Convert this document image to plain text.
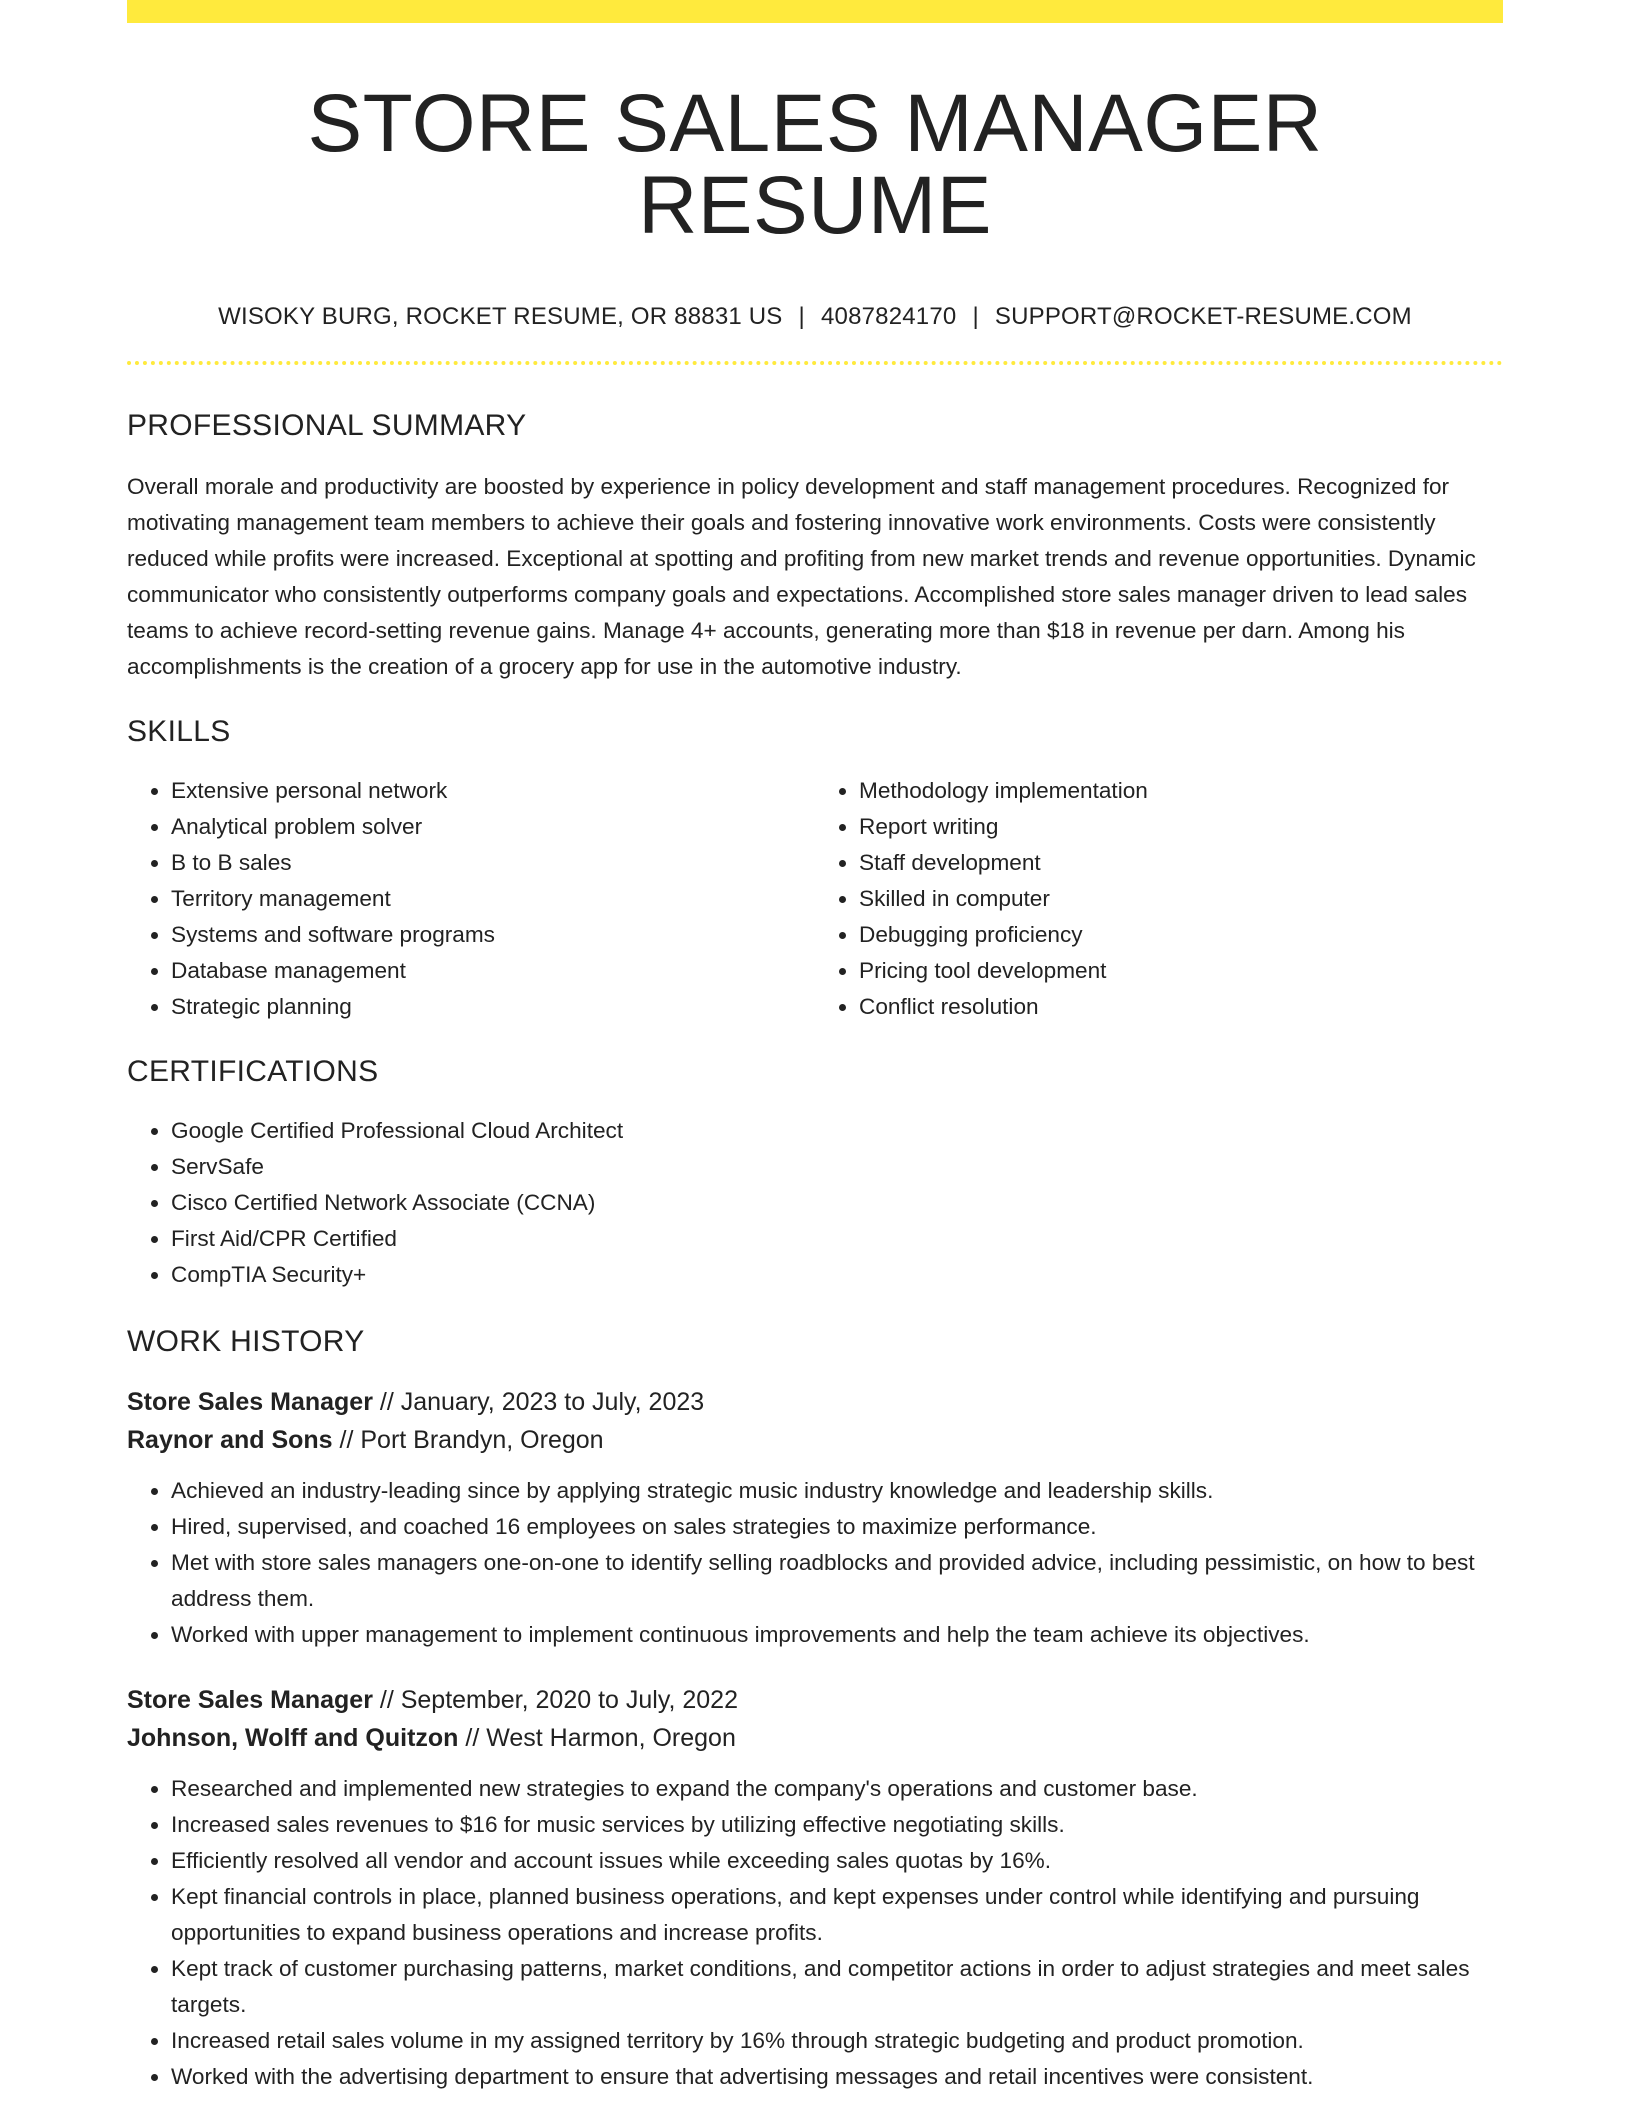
STORE SALES MANAGER RESUME
WISOKY BURG, ROCKET RESUME, OR 88831 US | 4087824170 | SUPPORT@ROCKET-RESUME.COM
PROFESSIONAL SUMMARY

Overall morale and productivity are boosted by experience in policy development and staff management procedures. Recognized for motivating management team members to achieve their goals and fostering innovative work environments. Costs were consistently reduced while profits were increased. Exceptional at spotting and profiting from new market trends and revenue opportunities. Dynamic communicator who consistently outperforms company goals and expectations. Accomplished store sales manager driven to lead sales teams to achieve record-setting revenue gains. Manage 4+ accounts, generating more than $18 in revenue per darn. Among his accomplishments is the creation of a grocery app for use in the automotive industry.

SKILLS
• Extensive personal network
• Analytical problem solver
• B to B sales
• Territory management
• Systems and software programs
• Database management
• Strategic planning
• Methodology implementation
• Report writing
• Staff development
• Skilled in computer
• Debugging proficiency
• Pricing tool development
• Conflict resolution
CERTIFICATIONS
• Google Certified Professional Cloud Architect
• ServSafe
• Cisco Certified Network Associate (CCNA)
• First Aid/CPR Certified
• CompTIA Security+
WORK HISTORY
Store Sales Manager // January, 2023 to July, 2023
Raynor and Sons // Port Brandyn, Oregon
• Achieved an industry-leading since by applying strategic music industry knowledge and leadership skills.
• Hired, supervised, and coached 16 employees on sales strategies to maximize performance.
• Met with store sales managers one-on-one to identify selling roadblocks and provided advice, including pessimistic, on how to best address them.
• Worked with upper management to implement continuous improvements and help the team achieve its objectives.
Store Sales Manager // September, 2020 to July, 2022
Johnson, Wolff and Quitzon // West Harmon, Oregon
• Researched and implemented new strategies to expand the company's operations and customer base.
• Increased sales revenues to $16 for music services by utilizing effective negotiating skills.
• Efficiently resolved all vendor and account issues while exceeding sales quotas by 16%.
• Kept financial controls in place, planned business operations, and kept expenses under control while identifying and pursuing opportunities to expand business operations and increase profits.
• Kept track of customer purchasing patterns, market conditions, and competitor actions in order to adjust strategies and meet sales targets.
• Increased retail sales volume in my assigned territory by 16% through strategic budgeting and product promotion.
• Worked with the advertising department to ensure that advertising messages and retail incentives were consistent.
